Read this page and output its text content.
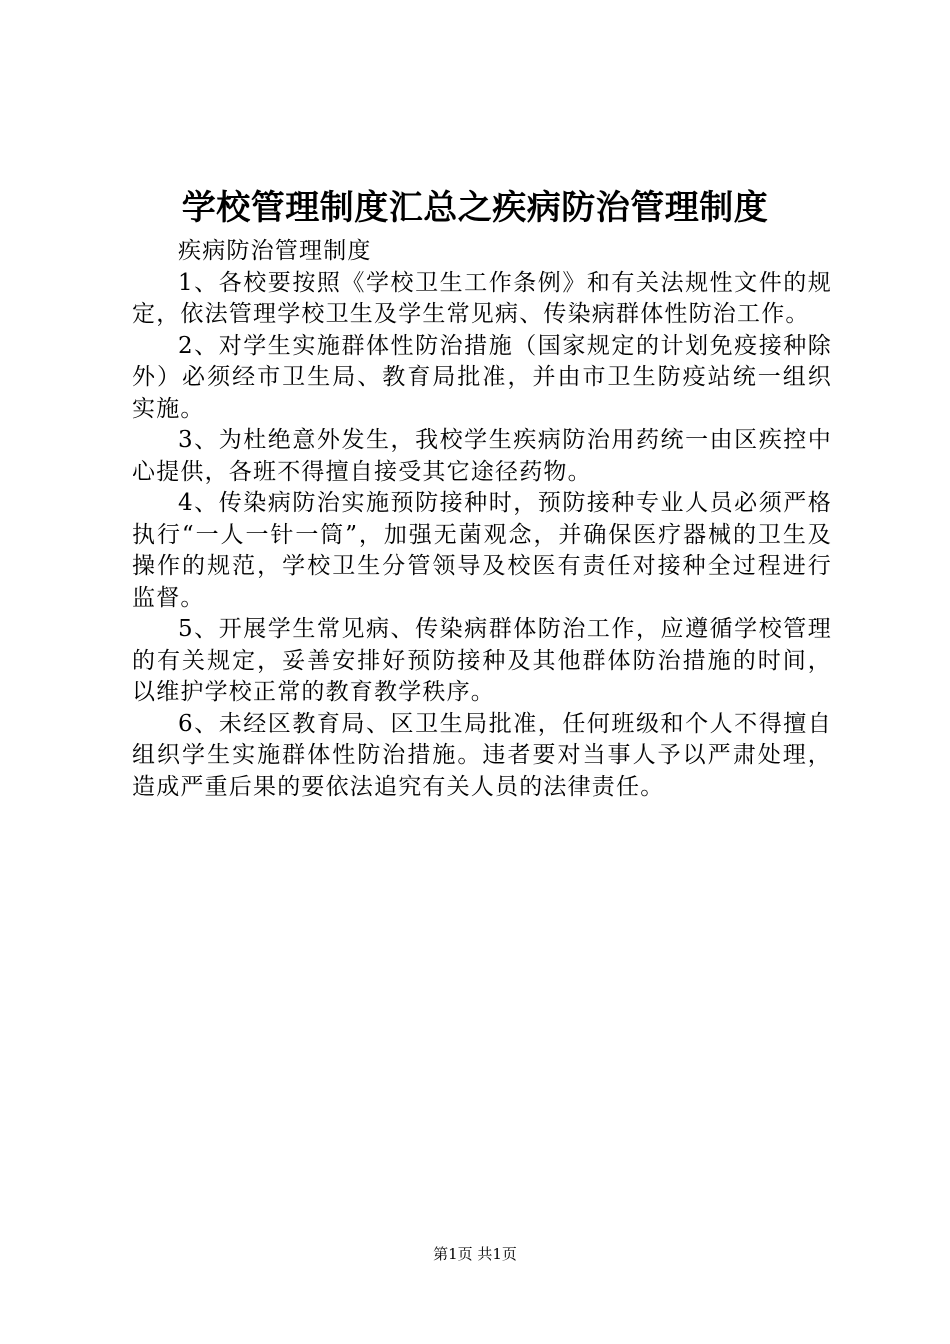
学校管理制度汇总之疾病防治管理制度

疾病防治管理制度

1、各校要按照《学校卫生工作条例》和有关法规性文件的规定，依法管理学校卫生及学生常见病、传染病群体性防治工作。

2、对学生实施群体性防治措施（国家规定的计划免疫接种除外）必须经市卫生局、教育局批准，并由市卫生防疫站统一组织实施。

3、为杜绝意外发生，我校学生疾病防治用药统一由区疾控中心提供，各班不得擅自接受其它途径药物。

4、传染病防治实施预防接种时，预防接种专业人员必须严格执行“一人一针一筒”，加强无菌观念，并确保医疗器械的卫生及操作的规范，学校卫生分管领导及校医有责任对接种全过程进行监督。

5、开展学生常见病、传染病群体防治工作，应遵循学校管理的有关规定，妥善安排好预防接种及其他群体防治措施的时间，以维护学校正常的教育教学秩序。

6、未经区教育局、区卫生局批准，任何班级和个人不得擅自组织学生实施群体性防治措施。违者要对当事人予以严肃处理，造成严重后果的要依法追究有关人员的法律责任。

第1页 共1页
